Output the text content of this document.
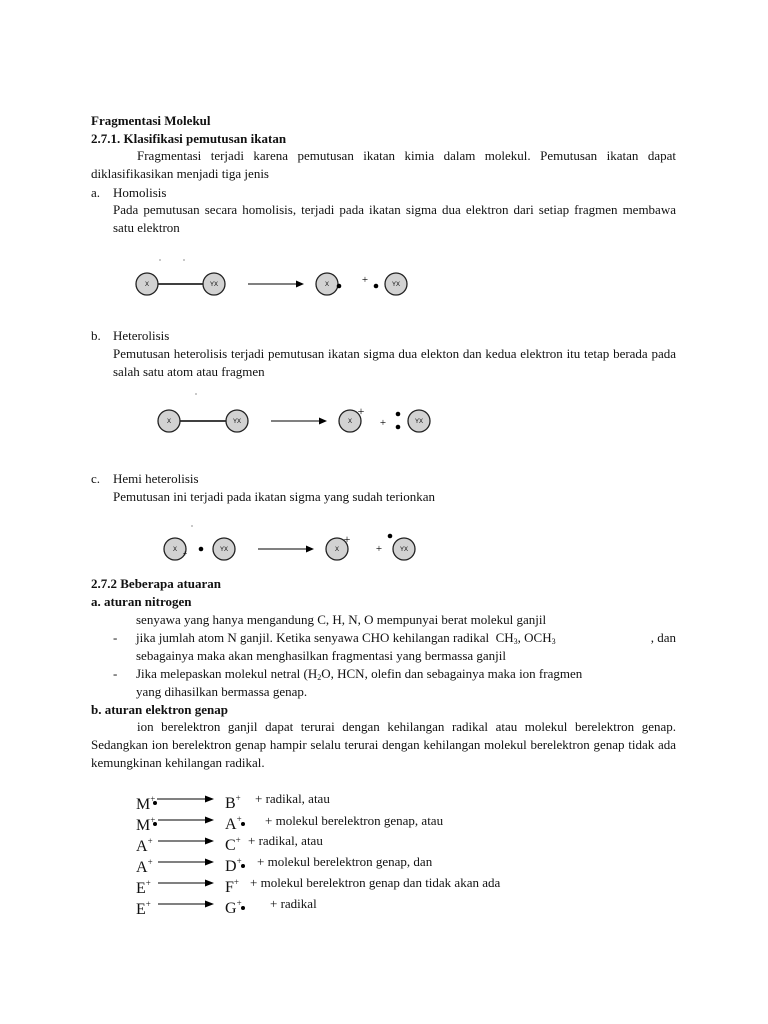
Fragmentasi Molekul
2.7.1. Klasifikasi pemutusan ikatan
Fragmentasi terjadi karena pemutusan ikatan kimia dalam molekul. Pemutusan ikatan dapat diklasifikasikan menjadi tiga jenis
a. Homolisis
Pada pemutusan secara homolisis, terjadi pada ikatan sigma dua elektron dari setiap fragmen membawa satu elektron
X	YX	X	+	YX
b. Heterolisis
Pemutusan heterolisis terjadi pemutusan ikatan sigma dua elekton dan kedua elektron itu tetap berada pada salah satu atom atau fragmen
X	YX	X
+
+	YX
c. Hemi heterolisis
Pemutusan ini terjadi pada ikatan sigma yang sudah terionkan
X +	YX	X
+
+	YX
2.7.2 Beberapa atuaran
a. aturan nitrogen
senyawa yang hanya mengandung C, H, N, O mempunyai berat molekul ganjil
- jika jumlah atom N ganjil. Ketika senyawa CHO kehilangan radikal $CH_3$, $OCH_3$	, dan
sebagainya maka akan menghasilkan fragmentasi yang bermassa ganjil
- Jika melepaskan molekul netral ($H_2O$, HCN, olefin dan sebagainya maka ion fragmen
yang dihasilkan bermassa genap.
b. aturan elektron genap
ion berelektron ganjil dapat terurai dengan kehilangan radikal atau molekul berelektron genap. Sedangkan ion berelektron genap hampir selalu terurai dengan kehilangan molekul berelektron genap tidak ada kemungkinan kehilangan radikal.
M+	B+ + radikal, atau
M+	A+ + molekul berelektron genap, atau
A+	C+ + radikal, atau
A+	D+ + molekul berelektron genap, dan
E+	F+ + molekul berelektron genap dan tidak akan ada
E+	G+ + radikal
